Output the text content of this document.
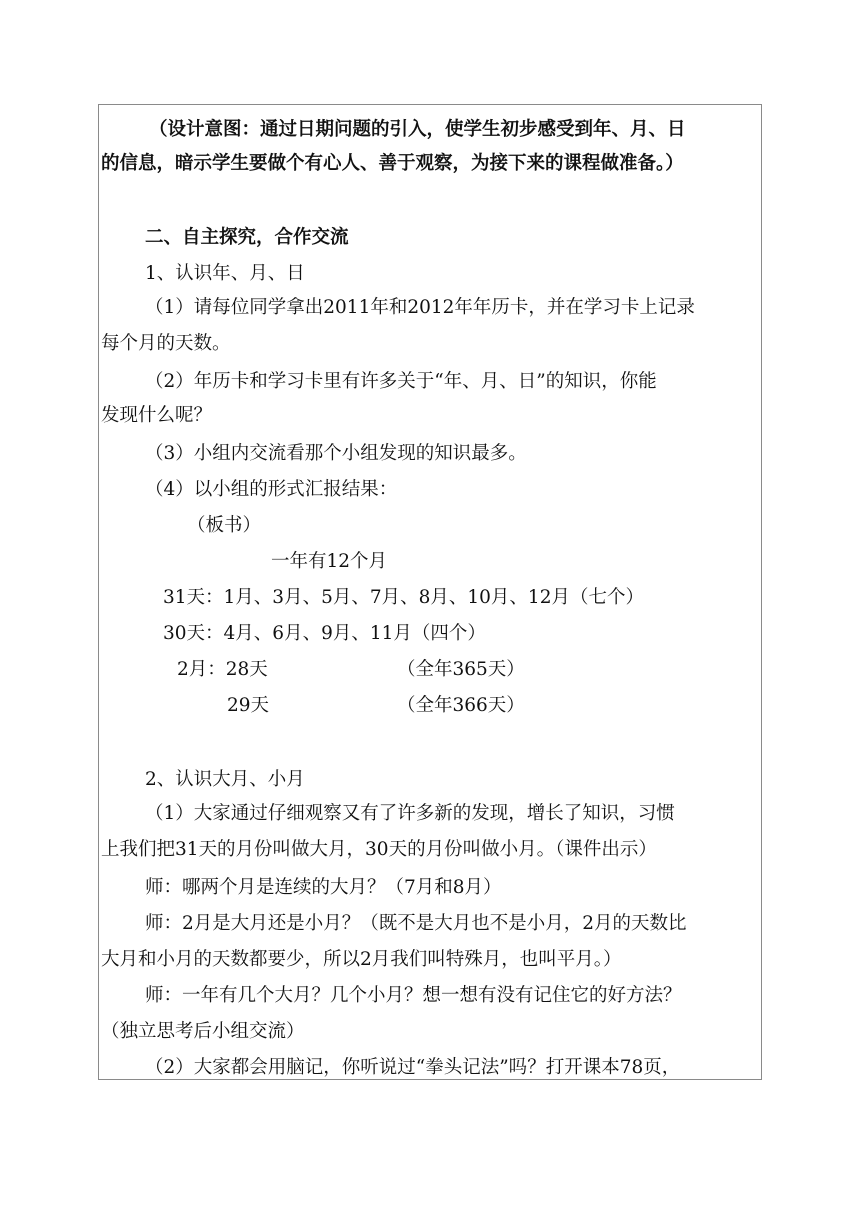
（设计意图：通过日期问题的引入，使学生初步感受到年、月、日
的信息，暗示学生要做个有心人、善于观察，为接下来的课程做准备。）
二、自主探究，合作交流
1、认识年、月、日
（1）请每位同学拿出2011年和2012年年历卡，并在学习卡上记录
每个月的天数。
（2）年历卡和学习卡里有许多关于“年、月、日”的知识，你能
发现什么呢？
（3）小组内交流看那个小组发现的知识最多。
（4）以小组的形式汇报结果：
（板书）
一年有12个月
31天：1月、3月、5月、7月、8月、10月、12月（七个）
30天：4月、6月、9月、11月（四个）
2月：28天	（全年365天）
29天	（全年366天）
2、认识大月、小月
（1）大家通过仔细观察又有了许多新的发现，增长了知识，习惯
上我们把31天的月份叫做大月，30天的月份叫做小月。（课件出示）
师：哪两个月是连续的大月？（7月和8月）
师：2月是大月还是小月？（既不是大月也不是小月，2月的天数比
大月和小月的天数都要少，所以2月我们叫特殊月，也叫平月。）
师：一年有几个大月？几个小月？想一想有没有记住它的好方法？
（独立思考后小组交流）
（2）大家都会用脑记，你听说过“拳头记法”吗？打开课本78页，
